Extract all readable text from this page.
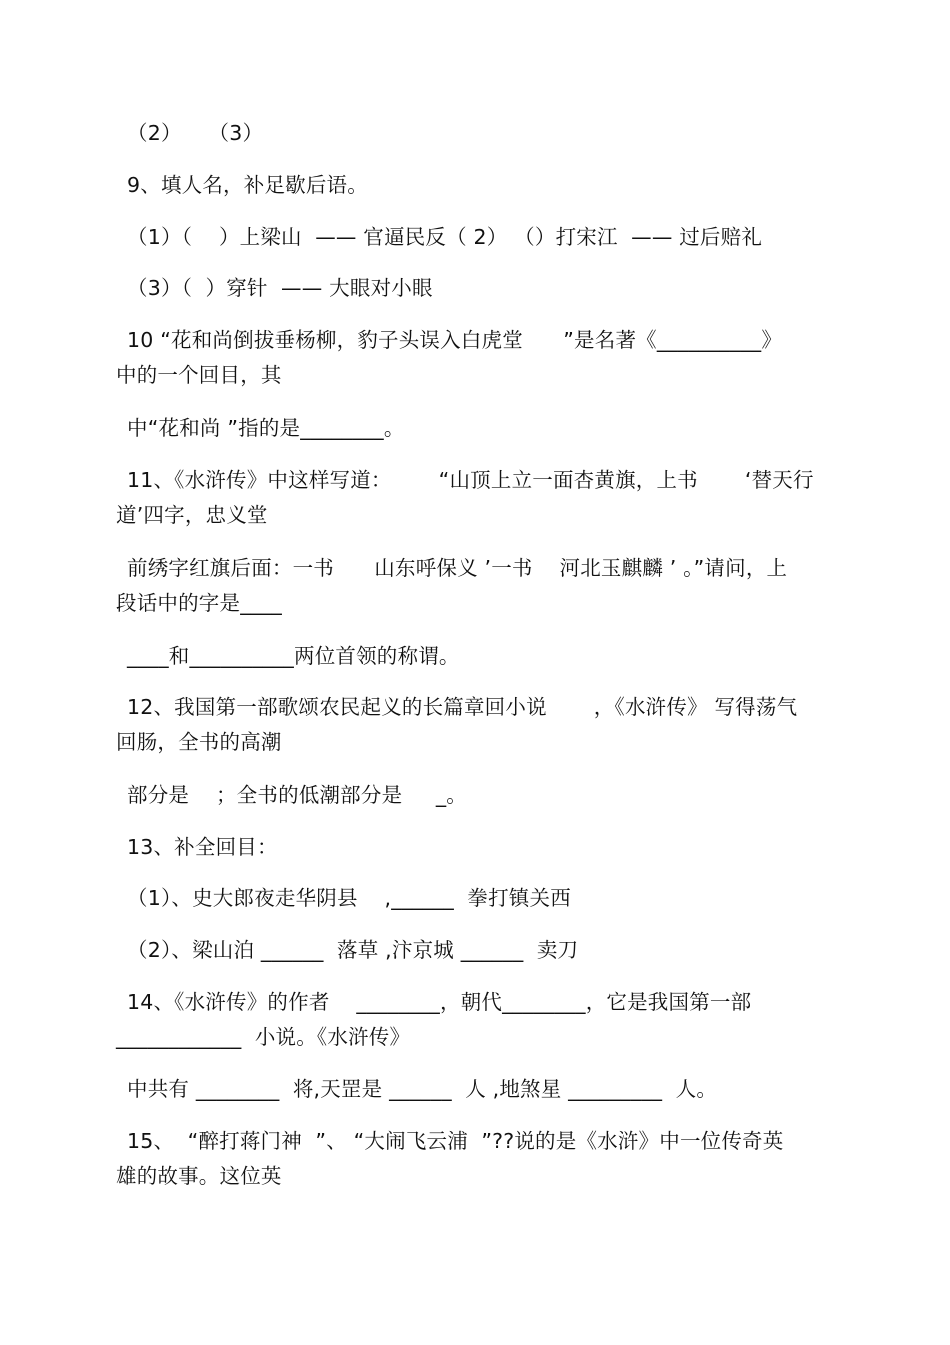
（2）    （3）
9、填人名，补足歇后语。
（1）（    ）上梁山  —— 官逼民反（ 2） （）打宋江  —— 过后赔礼
（3）（  ）穿针  —— 大眼对小眼
10 “花和尚倒拔垂杨柳，豹子头误入白虎堂      ”是名著《__________》
中的一个回目，其
中“花和尚 ”指的是________。
11、《水浒传》中这样写道：       “山顶上立一面杏黄旗，上书       ‘替天行
道’四字，忠义堂
前绣字红旗后面：一书      山东呼保义 ’一书    河北玉麒麟 ’ 。”请问，上
段话中的字是____
____和__________两位首领的称谓。
12、我国第一部歌颂农民起义的长篇章回小说       ，《水浒传》 写得荡气
回肠，全书的高潮
部分是    ；全书的低潮部分是     _。
13、补全回目：
（1）、史大郎夜走华阴县    ,______  拳打镇关西
（2）、梁山泊 ______  落草 ,汴京城 ______  卖刀
14、《水浒传》的作者    ________，朝代________，它是我国第一部
____________  小说。《水浒传》
中共有 ________  将,天罡是 ______  人 ,地煞星 _________  人。
15、  “醉打蒋门神  ”、 “大闹飞云浦  ”??说的是《水浒》中一位传奇英
雄的故事。这位英
